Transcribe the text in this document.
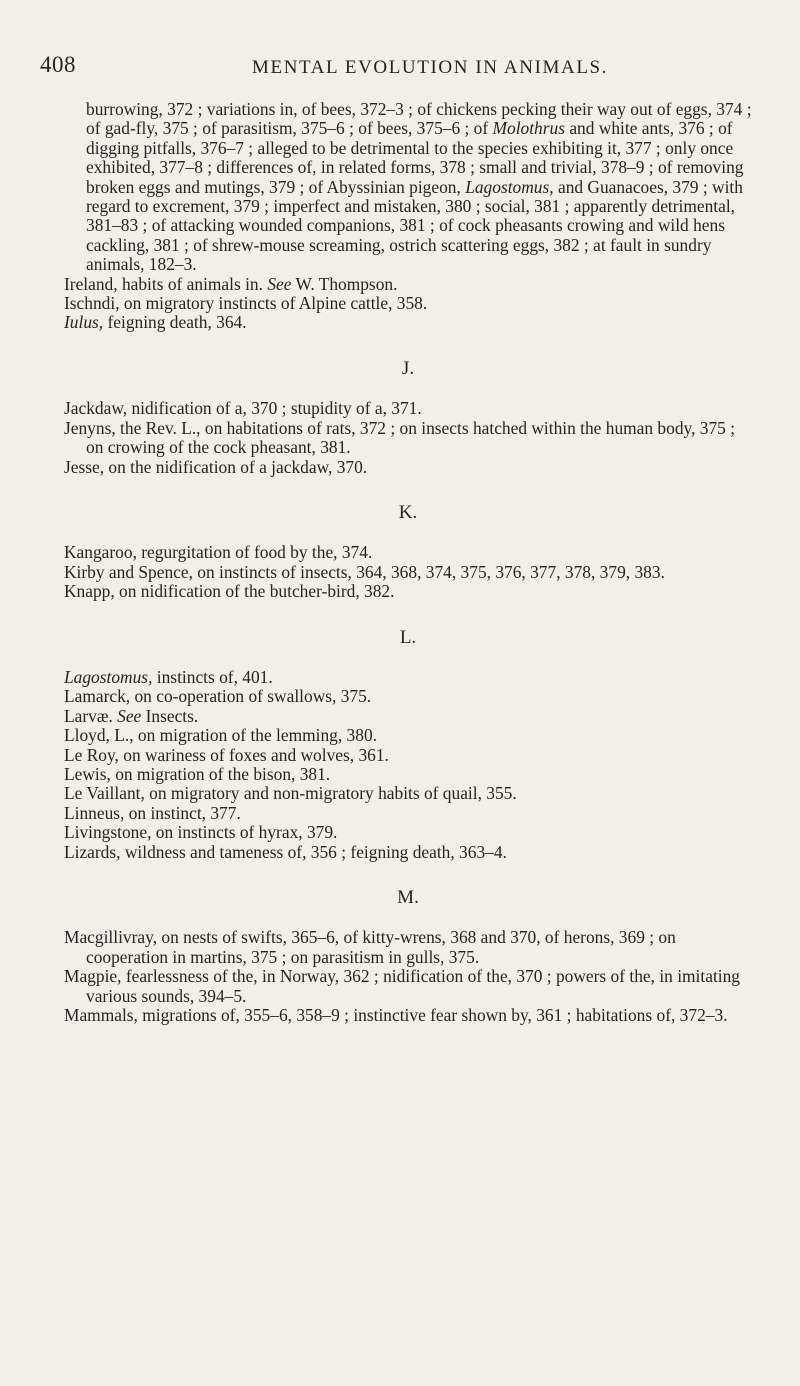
408	MENTAL EVOLUTION IN ANIMALS.

burrowing, 372 ; variations in, of bees, 372–3 ; of chickens pecking their way out of eggs, 374 ; of gad-fly, 375 ; of parasitism, 375–6 ; of bees, 375–6 ; of Molothrus and white ants, 376 ; of digging pitfalls, 376–7 ; alleged to be detrimental to the species exhibiting it, 377 ; only once exhibited, 377–8 ; differences of, in related forms, 378 ; small and trivial, 378–9 ; of removing broken eggs and mutings, 379 ; of Abyssinian pigeon, Lagostomus, and Guanacoes, 379 ; with regard to excrement, 379 ; imperfect and mistaken, 380 ; social, 381 ; apparently detrimental, 381–83 ; of attacking wounded companions, 381 ; of cock pheasants crowing and wild hens cackling, 381 ; of shrew-mouse screaming, ostrich scattering eggs, 382 ; at fault in sundry animals, 182–3.

Ireland, habits of animals in. See W. Thompson.

Ischndi, on migratory instincts of Alpine cattle, 358.

Iulus, feigning death, 364.

J.

Jackdaw, nidification of a, 370 ; stupidity of a, 371.

Jenyns, the Rev. L., on habitations of rats, 372 ; on insects hatched within the human body, 375 ; on crowing of the cock pheasant, 381.

Jesse, on the nidification of a jackdaw, 370.

K.

Kangaroo, regurgitation of food by the, 374.

Kirby and Spence, on instincts of insects, 364, 368, 374, 375, 376, 377, 378, 379, 383.

Knapp, on nidification of the butcher-bird, 382.

L.

Lagostomus, instincts of, 401.

Lamarck, on co-operation of swallows, 375.

Larvæ. See Insects.

Lloyd, L., on migration of the lemming, 380.

Le Roy, on wariness of foxes and wolves, 361.

Lewis, on migration of the bison, 381.

Le Vaillant, on migratory and non-migratory habits of quail, 355.

Linneus, on instinct, 377.

Livingstone, on instincts of hyrax, 379.

Lizards, wildness and tameness of, 356 ; feigning death, 363–4.

M.

Macgillivray, on nests of swifts, 365–6, of kitty-wrens, 368 and 370, of herons, 369 ; on cooperation in martins, 375 ; on parasitism in gulls, 375.

Magpie, fearlessness of the, in Norway, 362 ; nidification of the, 370 ; powers of the, in imitating various sounds, 394–5.

Mammals, migrations of, 355–6, 358–9 ; instinctive fear shown by, 361 ; habitations of, 372–3.
